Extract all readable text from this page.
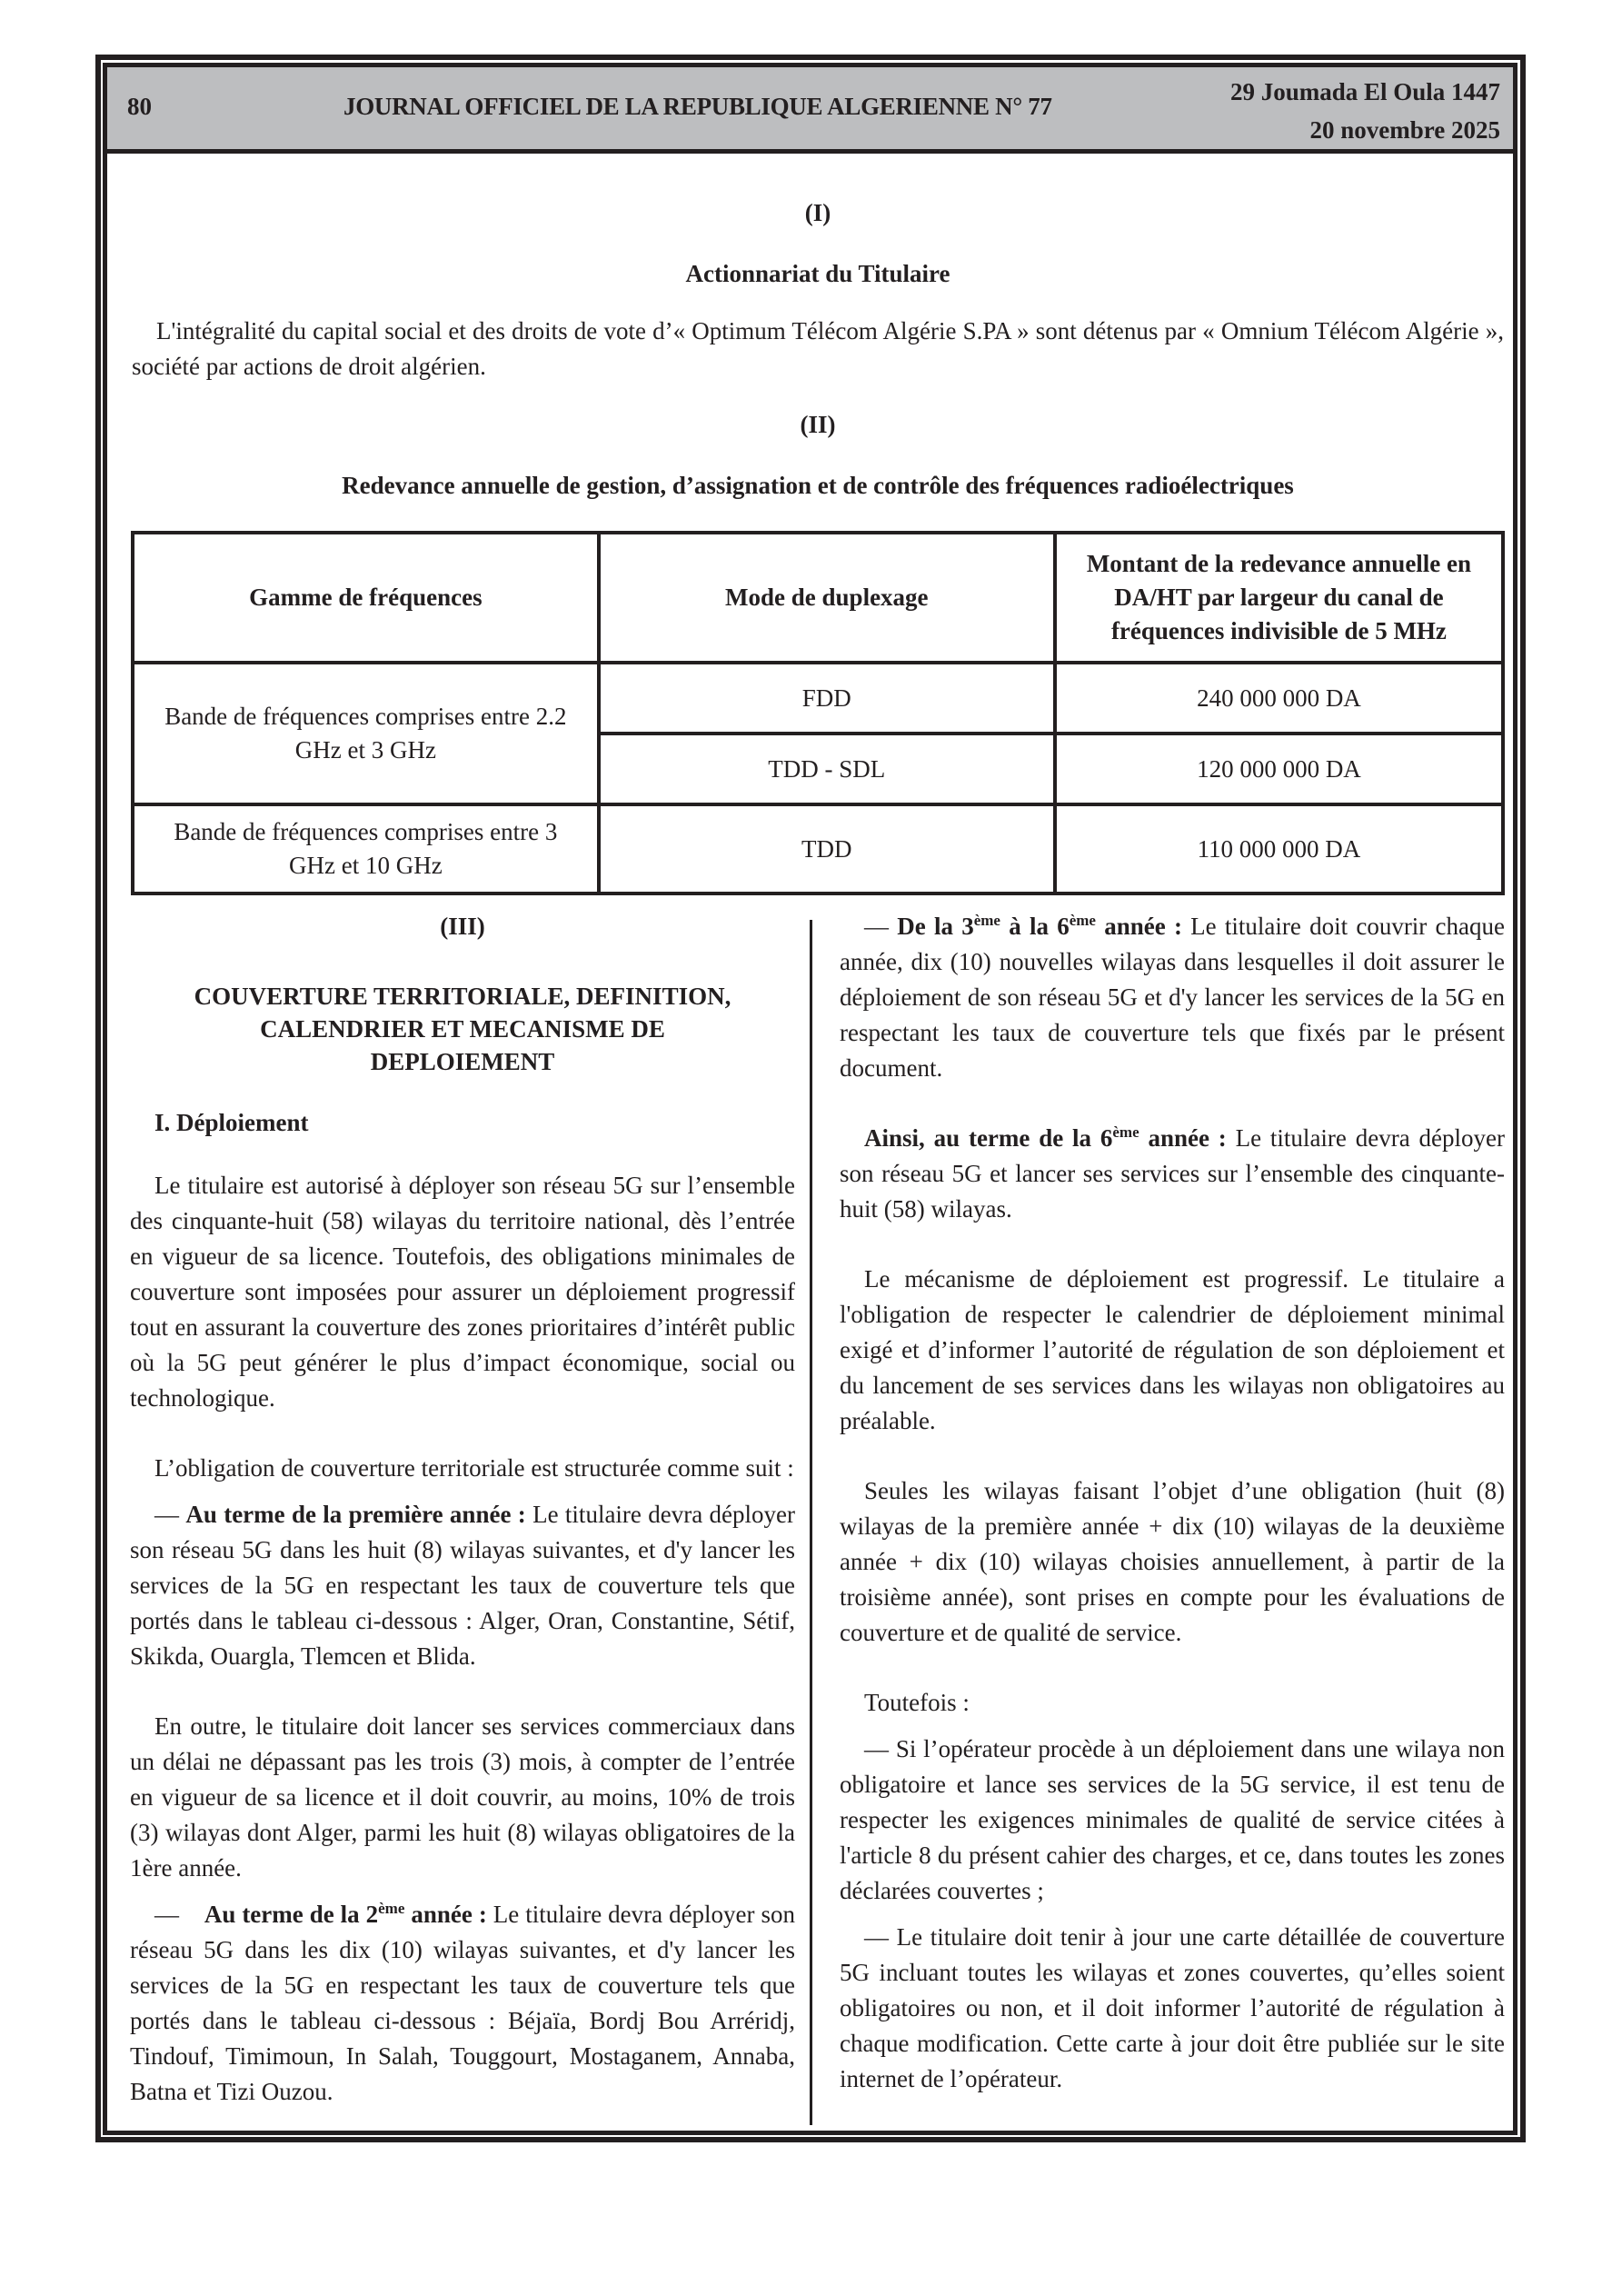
80	JOURNAL OFFICIEL DE LA REPUBLIQUE ALGERIENNE N° 77
29 Joumada El Oula 1447
20 novembre 2025
(I)
Actionnariat du Titulaire
L'intégralité du capital social et des droits de vote d’« Optimum Télécom Algérie S.PA » sont détenus par « Omnium Télécom Algérie », société par actions de droit algérien.
(II)
Redevance annuelle de gestion, d’assignation et de contrôle des fréquences radioélectriques
Gamme de fréquences	Mode de duplexage	Montant de la redevance annuelle en DA/HT par largeur du canal de fréquences indivisible de 5 MHz
Bande de fréquences comprises entre 2.2 GHz et 3 GHz	FDD	240 000 000 DA
	TDD - SDL	120 000 000 DA
Bande de fréquences comprises entre 3 GHz et 10 GHz	TDD	110 000 000 DA
(III)
COUVERTURE TERRITORIALE, DEFINITION,
CALENDRIER ET MECANISME DE
DEPLOIEMENT
I. Déploiement

Le titulaire est autorisé à déployer son réseau 5G sur l’ensemble des cinquante-huit (58) wilayas du territoire national, dès l’entrée en vigueur de sa licence. Toutefois, des obligations minimales de couverture sont imposées pour assurer un déploiement progressif tout en assurant la couverture des zones prioritaires d’intérêt public où la 5G peut générer le plus d’impact économique, social ou technologique.

L’obligation de couverture territoriale est structurée comme suit :

— Au terme de la première année : Le titulaire devra déployer son réseau 5G dans les huit (8) wilayas suivantes, et d'y lancer les services de la 5G en respectant les taux de couverture tels que portés dans le tableau ci-dessous : Alger, Oran, Constantine, Sétif, Skikda, Ouargla, Tlemcen et Blida.

En outre, le titulaire doit lancer ses services commerciaux dans un délai ne dépassant pas les trois (3) mois, à compter de l’entrée en vigueur de sa licence et il doit couvrir, au moins, 10% de trois (3) wilayas dont Alger, parmi les huit (8) wilayas obligatoires de la 1ère année.

— Au terme de la 2ème année : Le titulaire devra déployer son réseau 5G dans les dix (10) wilayas suivantes, et d'y lancer les services de la 5G en respectant les taux de couverture tels que portés dans le tableau ci-dessous : Béjaïa, Bordj Bou Arréridj, Tindouf, Timimoun, In Salah, Touggourt, Mostaganem, Annaba, Batna et Tizi Ouzou.

— De la 3ème à la 6ème année : Le titulaire doit couvrir chaque année, dix (10) nouvelles wilayas dans lesquelles il doit assurer le déploiement de son réseau 5G et d'y lancer les services de la 5G en respectant les taux de couverture tels que fixés par le présent document.

Ainsi, au terme de la 6ème année : Le titulaire devra déployer son réseau 5G et lancer ses services sur l’ensemble des cinquante-huit (58) wilayas.

Le mécanisme de déploiement est progressif. Le titulaire a l'obligation de respecter le calendrier de déploiement minimal exigé et d’informer l’autorité de régulation de son déploiement et du lancement de ses services dans les wilayas non obligatoires au préalable.

Seules les wilayas faisant l’objet d’une obligation (huit (8) wilayas de la première année + dix (10) wilayas de la deuxième année + dix (10) wilayas choisies annuellement, à partir de la troisième année), sont prises en compte pour les évaluations de couverture et de qualité de service.

Toutefois :

— Si l’opérateur procède à un déploiement dans une wilaya non obligatoire et lance ses services de la 5G service, il est tenu de respecter les exigences minimales de qualité de service citées à l'article 8 du présent cahier des charges, et ce, dans toutes les zones déclarées couvertes ;

— Le titulaire doit tenir à jour une carte détaillée de couverture 5G incluant toutes les wilayas et zones couvertes, qu’elles soient obligatoires ou non, et il doit informer l’autorité de régulation à chaque modification. Cette carte à jour doit être publiée sur le site internet de l’opérateur.
